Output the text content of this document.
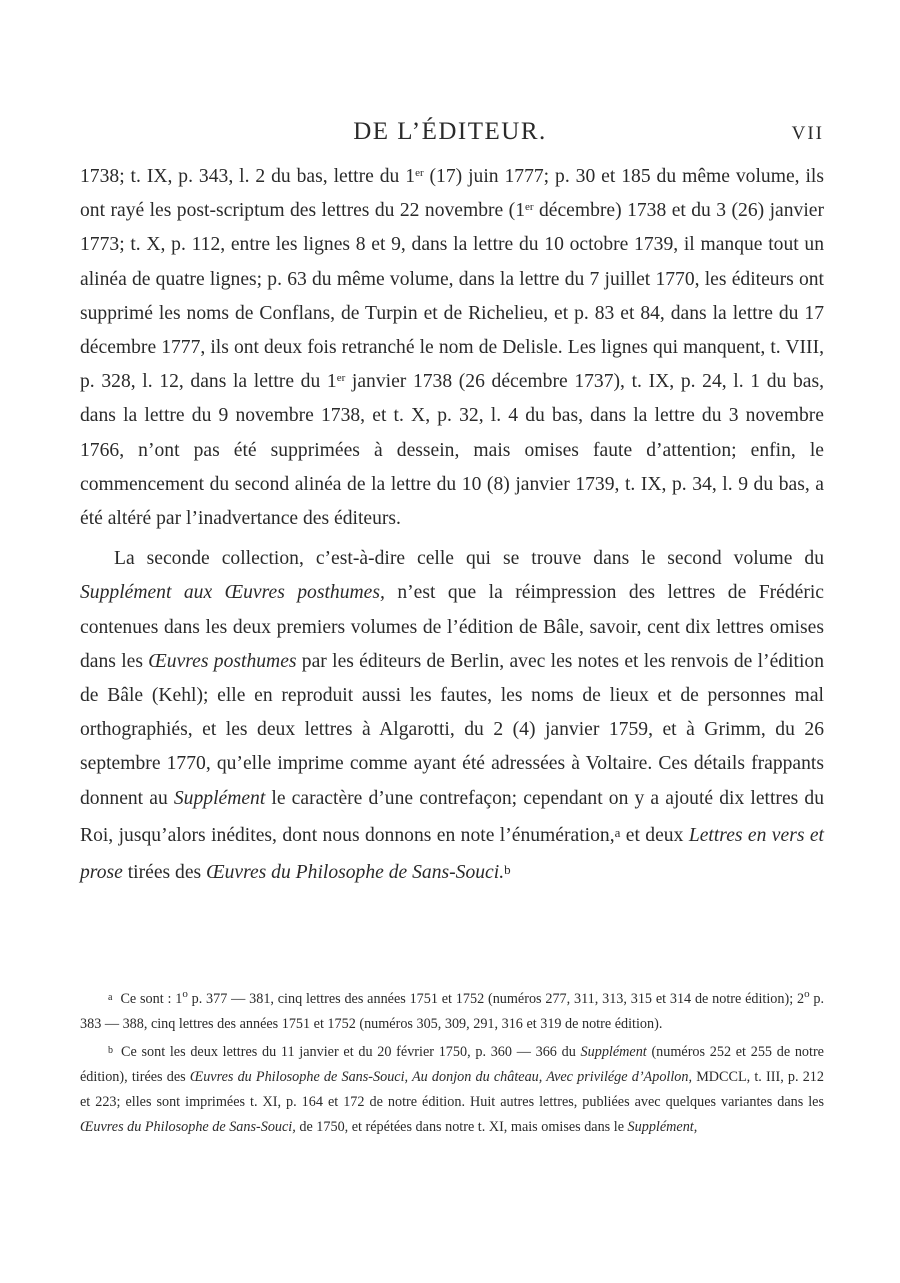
DE L’ÉDITEUR.	VII

1738; t. IX, p. 343, l. 2 du bas, lettre du 1er (17) juin 1777; p. 30 et 185 du même volume, ils ont rayé les post-scriptum des lettres du 22 novembre (1er décembre) 1738 et du 3 (26) janvier 1773; t. X, p. 112, entre les lignes 8 et 9, dans la lettre du 10 octobre 1739, il manque tout un alinéa de quatre lignes; p. 63 du même volume, dans la lettre du 7 juillet 1770, les éditeurs ont supprimé les noms de Conflans, de Turpin et de Richelieu, et p. 83 et 84, dans la lettre du 17 décembre 1777, ils ont deux fois retranché le nom de Delisle. Les lignes qui manquent, t. VIII, p. 328, l. 12, dans la lettre du 1er janvier 1738 (26 décembre 1737), t. IX, p. 24, l. 1 du bas, dans la lettre du 9 novembre 1738, et t. X, p. 32, l. 4 du bas, dans la lettre du 3 novembre 1766, n’ont pas été supprimées à dessein, mais omises faute d’attention; enfin, le commencement du second alinéa de la lettre du 10 (8) janvier 1739, t. IX, p. 34, l. 9 du bas, a été altéré par l’inadvertance des éditeurs.

La seconde collection, c’est-à-dire celle qui se trouve dans le second volume du Supplément aux Œuvres posthumes, n’est que la réimpression des lettres de Frédéric contenues dans les deux premiers volumes de l’édition de Bâle, savoir, cent dix lettres omises dans les Œuvres posthumes par les éditeurs de Berlin, avec les notes et les renvois de l’édition de Bâle (Kehl); elle en reproduit aussi les fautes, les noms de lieux et de personnes mal orthographiés, et les deux lettres à Algarotti, du 2 (4) janvier 1759, et à Grimm, du 26 septembre 1770, qu’elle imprime comme ayant été adressées à Voltaire. Ces détails frappants donnent au Supplément le caractère d’une contrefaçon; cependant on y a ajouté dix lettres du Roi, jusqu’alors inédites, dont nous donnons en note l’énumération,$^a$ et deux Lettres en vers et prose tirées des Œuvres du Philosophe de Sans-Souci.$^b$

$^a$ Ce sont : 1$^o$ p. 377 — 381, cinq lettres des années 1751 et 1752 (numéros 277, 311, 313, 315 et 314 de notre édition); 2$^o$ p. 383 — 388, cinq lettres des années 1751 et 1752 (numéros 305, 309, 291, 316 et 319 de notre édition).

$^b$ Ce sont les deux lettres du 11 janvier et du 20 février 1750, p. 360 — 366 du Supplément (numéros 252 et 255 de notre édition), tirées des Œuvres du Philosophe de Sans-Souci, Au donjon du château, Avec privilége d’Apollon, MDCCL, t. III, p. 212 et 223; elles sont imprimées t. XI, p. 164 et 172 de notre édition. Huit autres lettres, publiées avec quelques variantes dans les Œuvres du Philosophe de Sans-Souci, de 1750, et répétées dans notre t. XI, mais omises dans le Supplément,
